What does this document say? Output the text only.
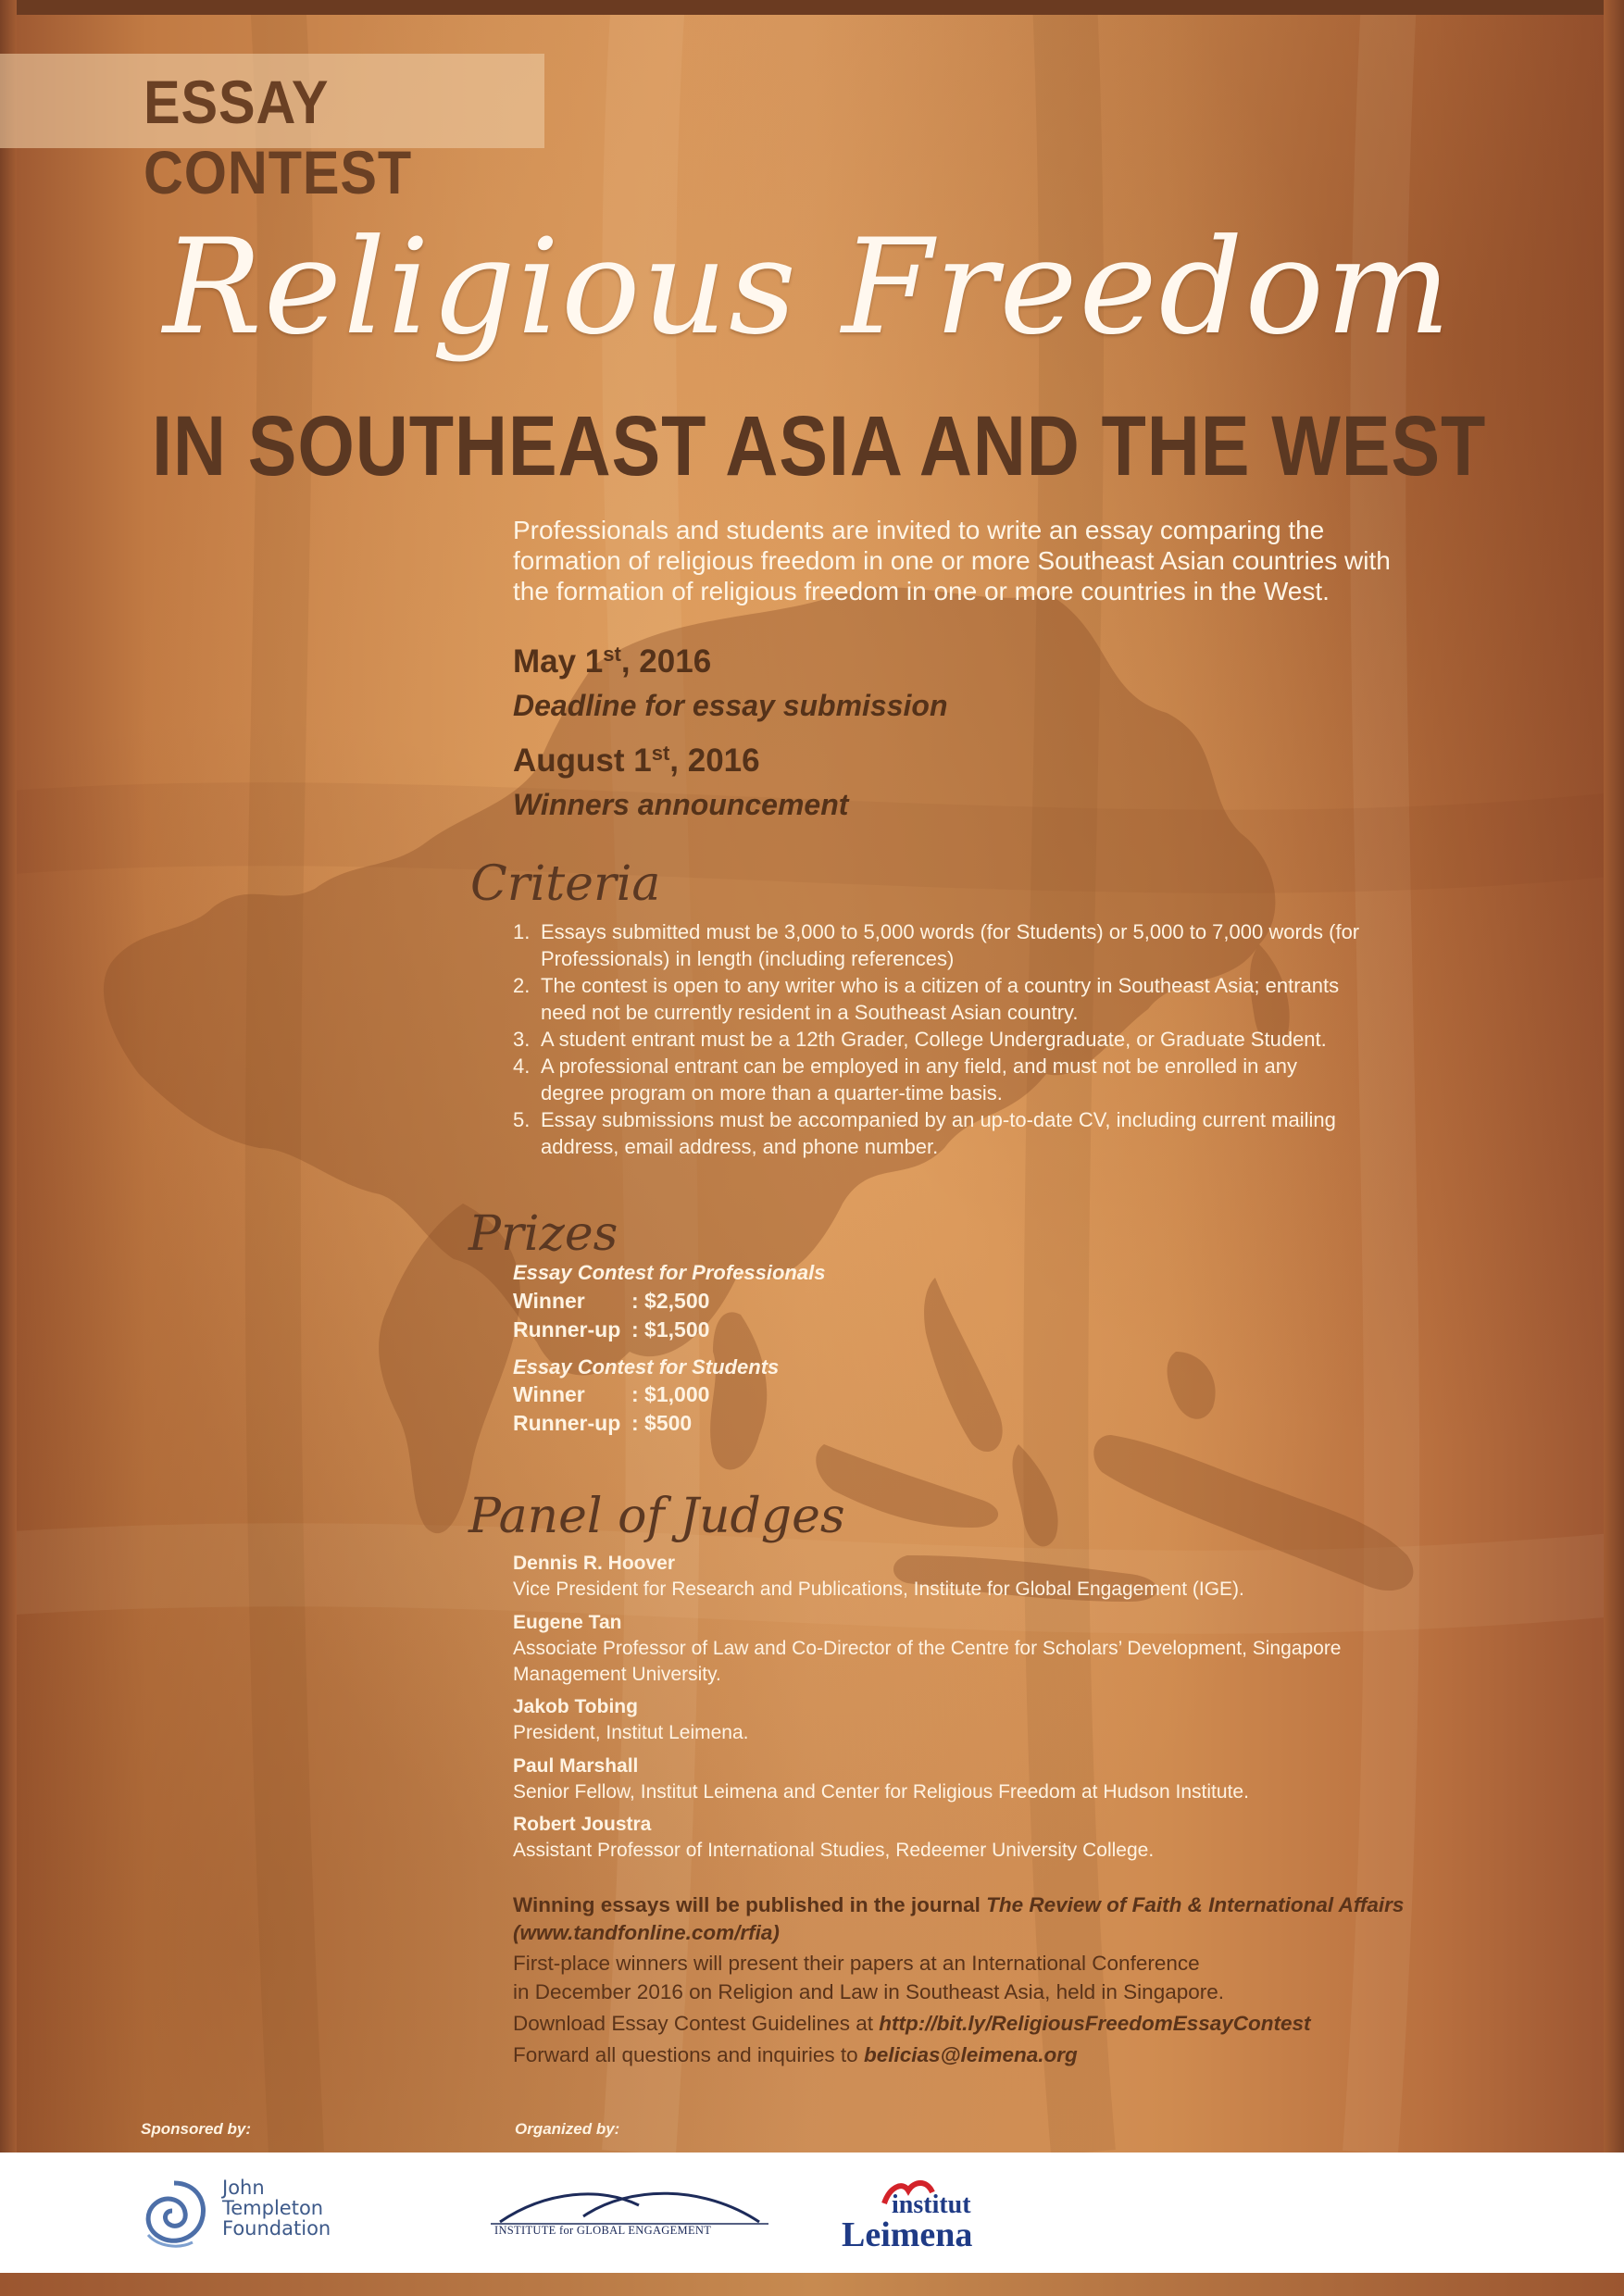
ESSAY CONTEST
Religious Freedom
IN SOUTHEAST ASIA AND THE WEST
Professionals and students are invited to write an essay comparing the
formation of religious freedom in one or more Southeast Asian countries with
the formation of religious freedom in one or more countries in the West.
May 1st, 2016
Deadline for essay submission
August 1st, 2016
Winners announcement
Criteria
1. Essays submitted must be 3,000 to 5,000 words (for Students) or 5,000 to 7,000 words (for
Professionals) in length (including references)
2. The contest is open to any writer who is a citizen of a country in Southeast Asia; entrants
need not be currently resident in a Southeast Asian country.
3. A student entrant must be a 12th Grader, College Undergraduate, or Graduate Student.
4. A professional entrant can be employed in any field, and must not be enrolled in any
degree program on more than a quarter-time basis.
5. Essay submissions must be accompanied by an up-to-date CV, including current mailing
address, email address, and phone number.
Prizes
Essay Contest for Professionals
Winner : $2,500
Runner-up : $1,500
Essay Contest for Students
Winner : $1,000
Runner-up : $500
Panel of Judges
Dennis R. Hoover
Vice President for Research and Publications, Institute for Global Engagement (IGE).
Eugene Tan
Associate Professor of Law and Co-Director of the Centre for Scholars’ Development, Singapore
Management University.
Jakob Tobing
President, Institut Leimena.
Paul Marshall
Senior Fellow, Institut Leimena and Center for Religious Freedom at Hudson Institute.
Robert Joustra
Assistant Professor of International Studies, Redeemer University College.
Winning essays will be published in the journal The Review of Faith & International Affairs
(www.tandfonline.com/rfia)
First-place winners will present their papers at an International Conference
in December 2016 on Religion and Law in Southeast Asia, held in Singapore.
Download Essay Contest Guidelines at http://bit.ly/ReligiousFreedomEssayContest
Forward all questions and inquiries to belicias@leimena.org
Sponsored by:	Organized by:
John
Templeton
Foundation	INSTITUTE for GLOBAL ENGAGEMENT
institut
Leimena
